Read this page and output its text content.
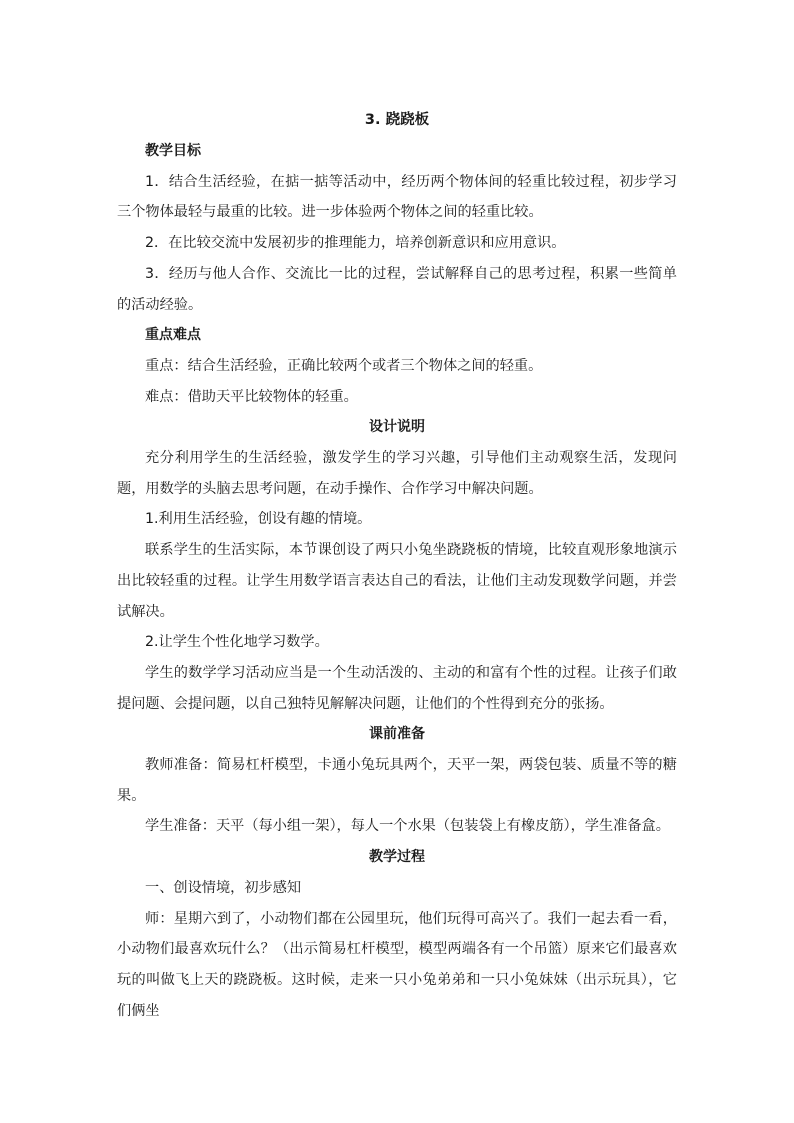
3. 跷跷板
教学目标

1．结合生活经验，在掂一掂等活动中，经历两个物体间的轻重比较过程，初步学习三个物体最轻与最重的比较。进一步体验两个物体之间的轻重比较。

2．在比较交流中发展初步的推理能力，培养创新意识和应用意识。

3．经历与他人合作、交流比一比的过程，尝试解释自己的思考过程，积累一些简单的活动经验。

重点难点

重点：结合生活经验，正确比较两个或者三个物体之间的轻重。

难点：借助天平比较物体的轻重。

设计说明

充分利用学生的生活经验，激发学生的学习兴趣，引导他们主动观察生活，发现问题，用数学的头脑去思考问题，在动手操作、合作学习中解决问题。

1.利用生活经验，创设有趣的情境。

联系学生的生活实际，本节课创设了两只小兔坐跷跷板的情境，比较直观形象地演示出比较轻重的过程。让学生用数学语言表达自己的看法，让他们主动发现数学问题，并尝试解决。

2.让学生个性化地学习数学。

学生的数学学习活动应当是一个生动活泼的、主动的和富有个性的过程。让孩子们敢提问题、会提问题，以自己独特见解解决问题，让他们的个性得到充分的张扬。

课前准备

教师准备：简易杠杆模型，卡通小兔玩具两个，天平一架，两袋包装、质量不等的糖果。

学生准备：天平（每小组一架），每人一个水果（包装袋上有橡皮筋），学生准备盒。

教学过程

一、创设情境，初步感知

师：星期六到了，小动物们都在公园里玩，他们玩得可高兴了。我们一起去看一看，小动物们最喜欢玩什么？（出示简易杠杆模型，模型两端各有一个吊篮）原来它们最喜欢玩的叫做飞上天的跷跷板。这时候，走来一只小兔弟弟和一只小兔妹妹（出示玩具），它们俩坐
